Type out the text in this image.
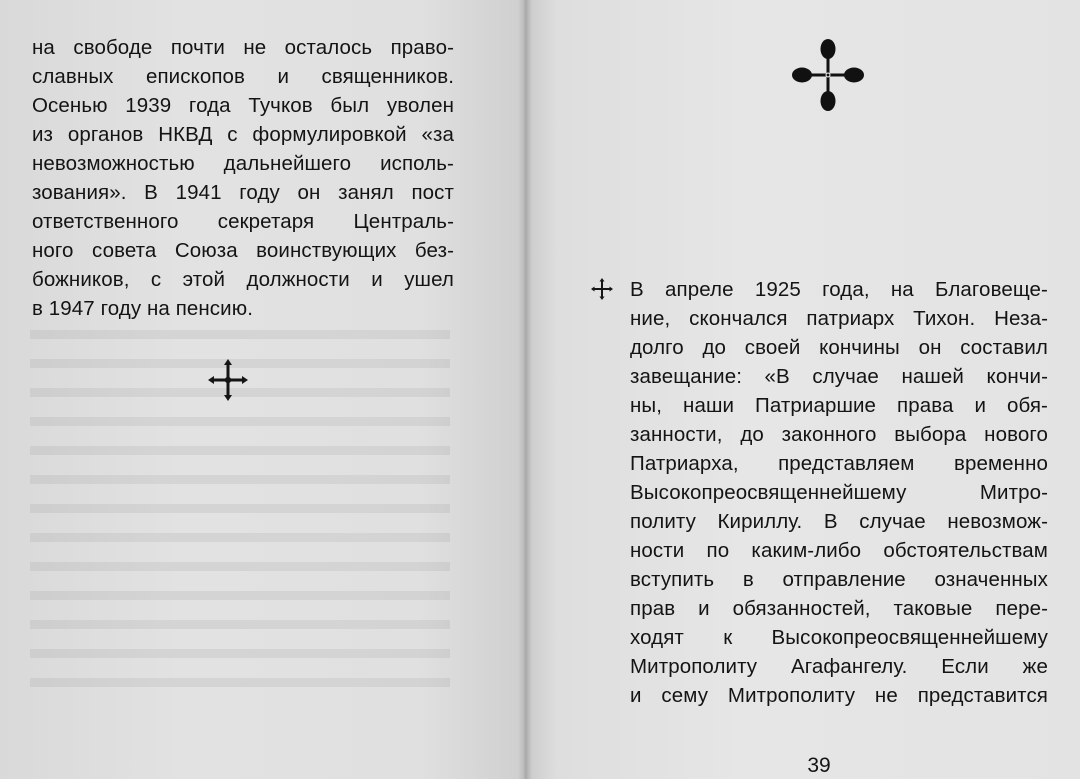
на свободе почти не осталось право-
славных епископов и священников.
Осенью 1939 года Тучков был уволен
из органов НКВД с формулировкой «за
невозможностью дальнейшего исполь-
зования». В 1941 году он занял пост
ответственного секретаря Централь-
ного совета Союза воинствующих без-
божников, с этой должности и ушел
в 1947 году на пенсию.
В апреле 1925 года, на Благовеще-
ние, скончался патриарх Тихон. Неза-
долго до своей кончины он составил
завещание: «В случае нашей кончи-
ны, наши Патриаршие права и обя-
занности, до законного выбора нового
Патриарха, представляем временно
Высокопреосвященнейшему Митро-
политу Кириллу. В случае невозмож-
ности по каким-либо обстоятельствам
вступить в отправление означенных
прав и обязанностей, таковые пере-
ходят к Высокопреосвященнейшему
Митрополиту Агафангелу. Если же
и сему Митрополиту не представится
39
